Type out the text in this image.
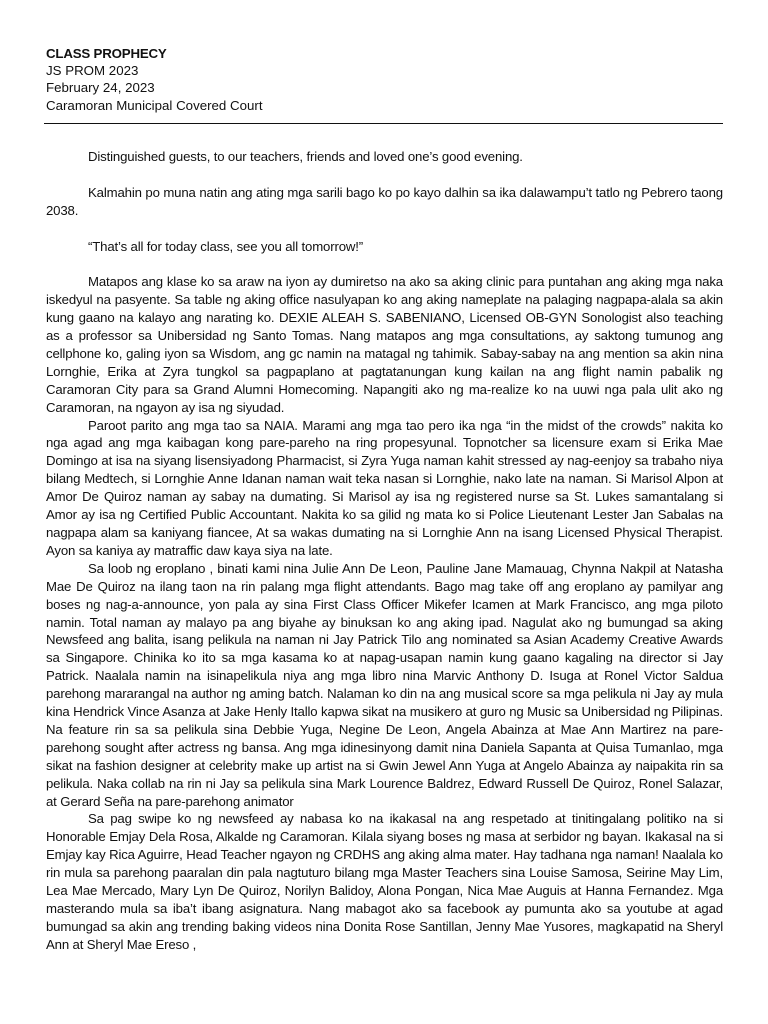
CLASS PROPHECY
JS PROM 2023
February 24, 2023
Caramoran Municipal Covered Court

Distinguished guests, to our teachers, friends and loved one’s good evening.

Kalmahin po muna natin ang ating mga sarili bago ko po kayo dalhin sa ika dalawampu’t tatlo ng Pebrero taong 2038.

“That’s all for today class, see you all tomorrow!”

Matapos ang klase ko sa araw na iyon ay dumiretso na ako sa aking clinic para puntahan ang aking mga naka iskedyul na pasyente. Sa table ng aking office nasulyapan ko ang aking nameplate na palaging nagpapa-alala sa akin kung gaano na kalayo ang narating ko. DEXIE ALEAH S. SABENIANO, Licensed OB-GYN Sonologist also teaching as a professor sa Unibersidad ng Santo Tomas. Nang matapos ang mga consultations, ay saktong tumunog ang cellphone ko, galing iyon sa Wisdom, ang gc namin na matagal ng tahimik. Sabay-sabay na ang mention sa akin nina Lornghie, Erika at Zyra tungkol sa pagpaplano at pagtatanungan kung kailan na ang flight namin pabalik ng Caramoran City para sa Grand Alumni Homecoming. Napangiti ako ng ma-realize ko na uuwi nga pala ulit ako ng Caramoran, na ngayon ay isa ng siyudad.

Paroot parito ang mga tao sa NAIA. Marami ang mga tao pero ika nga “in the midst of the crowds” nakita ko nga agad ang mga kaibagan kong pare-pareho na ring propesyunal. Topnotcher sa licensure exam si Erika Mae Domingo at isa na siyang lisensiyadong Pharmacist, si Zyra Yuga naman kahit stressed ay nag-eenjoy sa trabaho niya bilang Medtech, si Lornghie Anne Idanan naman wait teka nasan si Lornghie, nako late na naman. Si Marisol Alpon at Amor De Quiroz naman ay sabay na dumating. Si Marisol ay isa ng registered nurse sa St. Lukes samantalang si Amor ay isa ng Certified Public Accountant. Nakita ko sa gilid ng mata ko si Police Lieutenant Lester Jan Sabalas na nagpapa alam sa kaniyang fiancee, At sa wakas dumating na si Lornghie Ann na isang Licensed Physical Therapist. Ayon sa kaniya ay matraffic daw kaya siya na late.

Sa loob ng eroplano , binati kami nina Julie Ann De Leon, Pauline Jane Mamauag, Chynna Nakpil at Natasha Mae De Quiroz na ilang taon na rin palang mga flight attendants. Bago mag take off ang eroplano ay pamilyar ang boses ng nag-a-announce, yon pala ay sina First Class Officer Mikefer Icamen at Mark Francisco, ang mga piloto namin. Total naman ay malayo pa ang biyahe ay binuksan ko ang aking ipad. Nagulat ako ng bumungad sa aking Newsfeed ang balita, isang pelikula na naman ni Jay Patrick Tilo ang nominated sa Asian Academy Creative Awards sa Singapore. Chinika ko ito sa mga kasama ko at napag-usapan namin kung gaano kagaling na director si Jay Patrick. Naalala namin na isinapelikula niya ang mga libro nina Marvic Anthony D. Isuga at Ronel Victor Saldua parehong mararangal na author ng aming batch. Nalaman ko din na ang musical score sa mga pelikula ni Jay ay mula kina Hendrick Vince Asanza at Jake Henly Itallo kapwa sikat na musikero at guro ng Music sa Unibersidad ng Pilipinas. Na feature rin sa sa pelikula sina Debbie Yuga, Negine De Leon, Angela Abainza at Mae Ann Martirez na pare-parehong sought after actress ng bansa. Ang mga idinesinyong damit nina Daniela Sapanta at Quisa Tumanlao, mga sikat na fashion designer at celebrity make up artist na si Gwin Jewel Ann Yuga at Angelo Abainza ay naipakita rin sa pelikula. Naka collab na rin ni Jay sa pelikula sina Mark Lourence Baldrez, Edward Russell De Quiroz, Ronel Salazar, at Gerard Seña na pare-parehong animator

Sa pag swipe ko ng newsfeed ay nabasa ko na ikakasal na ang respetado at tinitingalang politiko na si Honorable Emjay Dela Rosa, Alkalde ng Caramoran. Kilala siyang boses ng masa at serbidor ng bayan. Ikakasal na si Emjay kay Rica Aguirre, Head Teacher ngayon ng CRDHS ang aking alma mater. Hay tadhana nga naman! Naalala ko rin mula sa parehong paaralan din pala nagtuturo bilang mga Master Teachers sina Louise Samosa, Seirine May Lim, Lea Mae Mercado, Mary Lyn De Quiroz, Norilyn Balidoy, Alona Pongan, Nica Mae Auguis at Hanna Fernandez. Mga masterando mula sa iba’t ibang asignatura. Nang mabagot ako sa facebook ay pumunta ako sa youtube at agad bumungad sa akin ang trending baking videos nina Donita Rose Santillan, Jenny Mae Yusores, magkapatid na Sheryl Ann at Sheryl Mae Ereso ,
